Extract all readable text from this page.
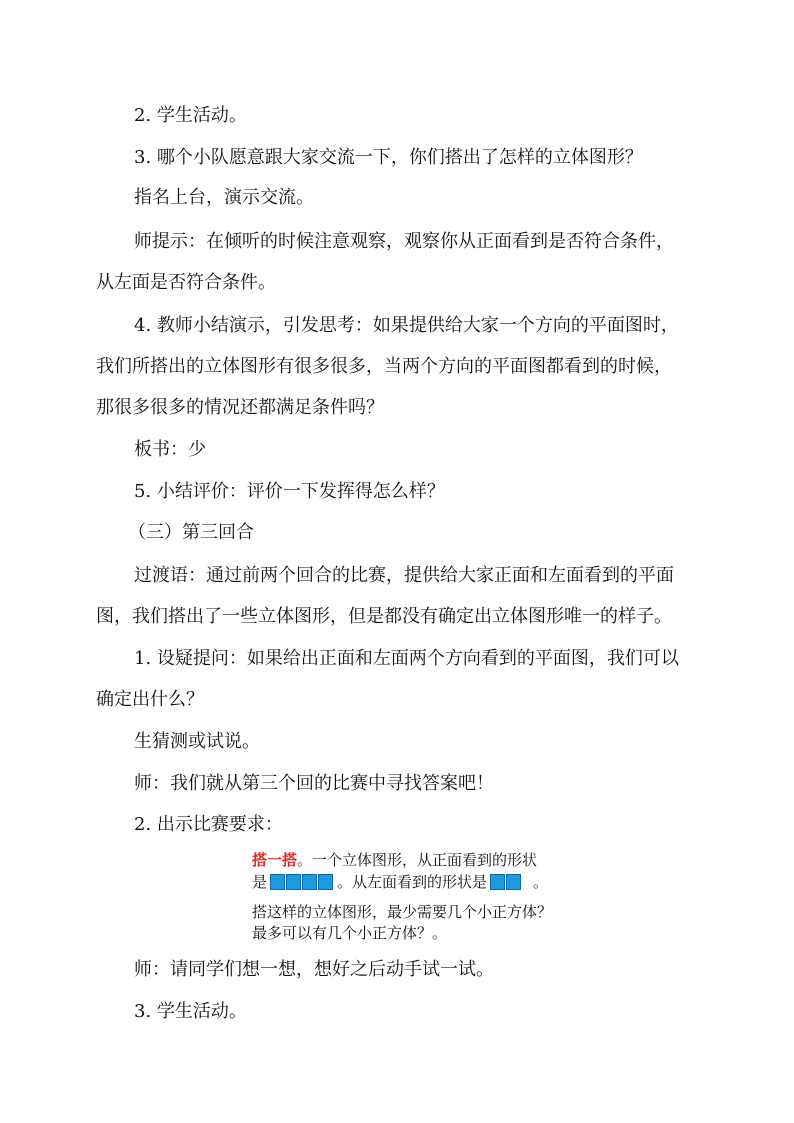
2. 学生活动。
3. 哪个小队愿意跟大家交流一下，你们搭出了怎样的立体图形？
指名上台，演示交流。
师提示：在倾听的时候注意观察，观察你从正面看到是否符合条件，
从左面是否符合条件。
4. 教师小结演示，引发思考：如果提供给大家一个方向的平面图时，
我们所搭出的立体图形有很多很多，当两个方向的平面图都看到的时候，
那很多很多的情况还都满足条件吗？
板书：少
5. 小结评价：评价一下发挥得怎么样？
（三）第三回合
过渡语：通过前两个回合的比赛，提供给大家正面和左面看到的平面
图，我们搭出了一些立体图形，但是都没有确定出立体图形唯一的样子。
1. 设疑提问：如果给出正面和左面两个方向看到的平面图，我们可以
确定出什么？
生猜测或试说。
师：我们就从第三个回的比赛中寻找答案吧！
2. 出示比赛要求：
搭一搭。一个立体图形，从正面看到的形状
是	。从左面看到的形状是	。
搭这样的立体图形，最少需要几个小正方体？
最多可以有几个小正方体？。
师：请同学们想一想，想好之后动手试一试。
3. 学生活动。
